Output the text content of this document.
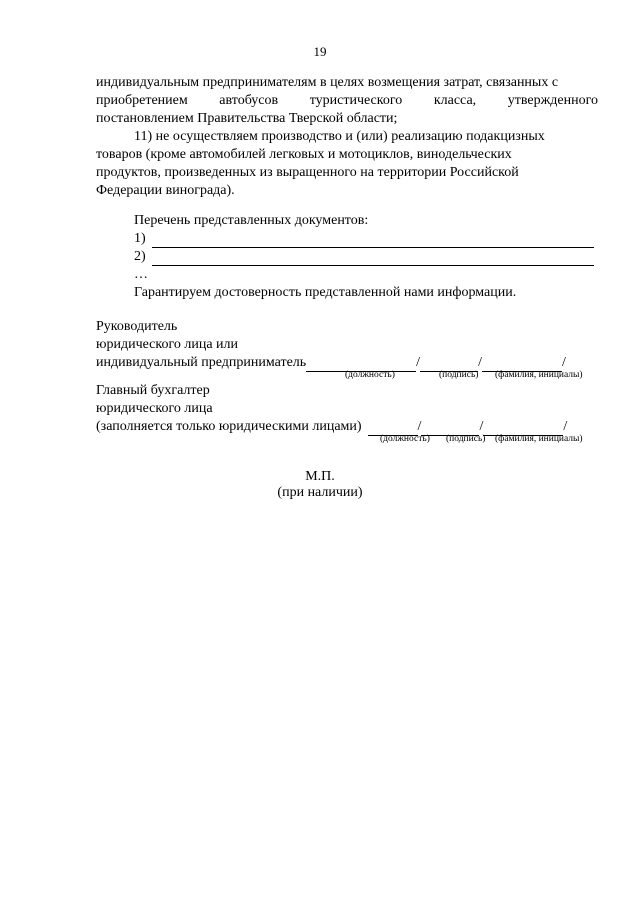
19
индивидуальным предпринимателям в целях возмещения затрат, связанных с
приобретением автобусов туристического класса, утвержденного
постановлением Правительства Тверской области;
11) не осуществляем производство и (или) реализацию подакцизных
товаров (кроме автомобилей легковых и мотоциклов, винодельческих
продуктов, произведенных из выращенного на территории Российской
Федерации винограда).
Перечень представленных документов:
1)
2)
…
Гарантируем достоверность представленной нами информации.
Руководитель
юридического лица или
индивидуальный предприниматель	/	/	/
(должность)	(подпись) (фамилия, инициалы)
Главный бухгалтер
юридического лица
(заполняется только юридическими лицами)	/	/	/
(должность) (подпись) (фамилия, инициалы)
М.П.
(при наличии)
